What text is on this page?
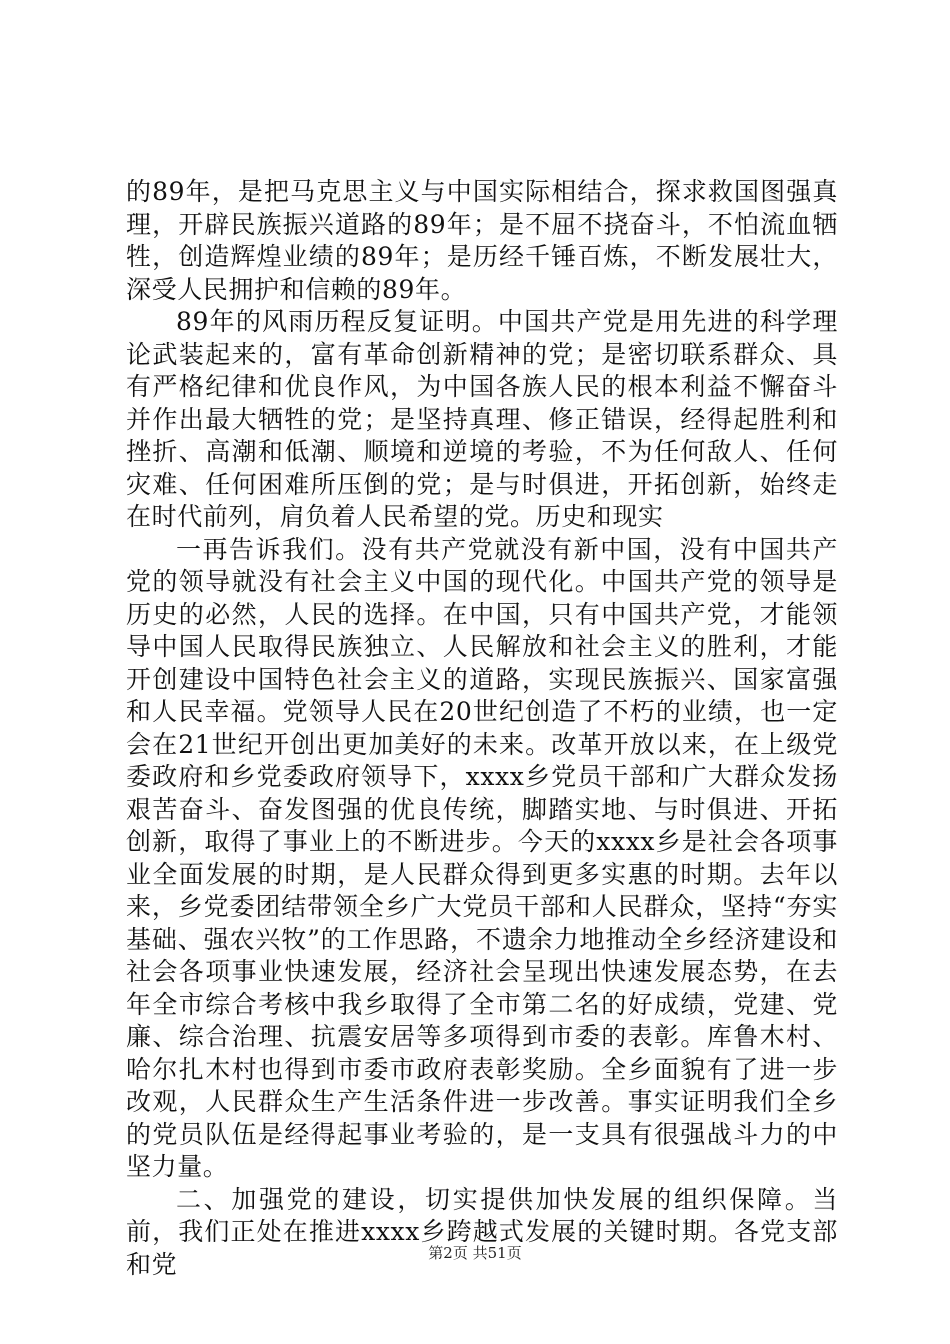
的89年，是把马克思主义与中国实际相结合，探求救国图强真理，开辟民族振兴道路的89年；是不屈不挠奋斗，不怕流血牺牲，创造辉煌业绩的89年；是历经千锤百炼，不断发展壮大，深受人民拥护和信赖的89年。

89年的风雨历程反复证明。中国共产党是用先进的科学理论武装起来的，富有革命创新精神的党；是密切联系群众、具有严格纪律和优良作风，为中国各族人民的根本利益不懈奋斗并作出最大牺牲的党；是坚持真理、修正错误，经得起胜利和挫折、高潮和低潮、顺境和逆境的考验，不为任何敌人、任何灾难、任何困难所压倒的党；是与时俱进，开拓创新，始终走在时代前列，肩负着人民希望的党。历史和现实

一再告诉我们。没有共产党就没有新中国，没有中国共产党的领导就没有社会主义中国的现代化。中国共产党的领导是历史的必然，人民的选择。在中国，只有中国共产党，才能领导中国人民取得民族独立、人民解放和社会主义的胜利，才能开创建设中国特色社会主义的道路，实现民族振兴、国家富强和人民幸福。党领导人民在20世纪创造了不朽的业绩，也一定会在21世纪开创出更加美好的未来。改革开放以来，在上级党委政府和乡党委政府领导下，xxxx乡党员干部和广大群众发扬艰苦奋斗、奋发图强的优良传统，脚踏实地、与时俱进、开拓创新，取得了事业上的不断进步。今天的xxxx乡是社会各项事业全面发展的时期，是人民群众得到更多实惠的时期。去年以来，乡党委团结带领全乡广大党员干部和人民群众，坚持“夯实基础、强农兴牧”的工作思路，不遗余力地推动全乡经济建设和社会各项事业快速发展，经济社会呈现出快速发展态势，在去年全市综合考核中我乡取得了全市第二名的好成绩，党建、党廉、综合治理、抗震安居等多项得到市委的表彰。库鲁木村、哈尔扎木村也得到市委市政府表彰奖励。全乡面貌有了进一步改观，人民群众生产生活条件进一步改善。事实证明我们全乡的党员队伍是经得起事业考验的，是一支具有很强战斗力的中坚力量。

二、加强党的建设，切实提供加快发展的组织保障。当前，我们正处在推进xxxx乡跨越式发展的关键时期。各党支部和党	第2页 共51页
